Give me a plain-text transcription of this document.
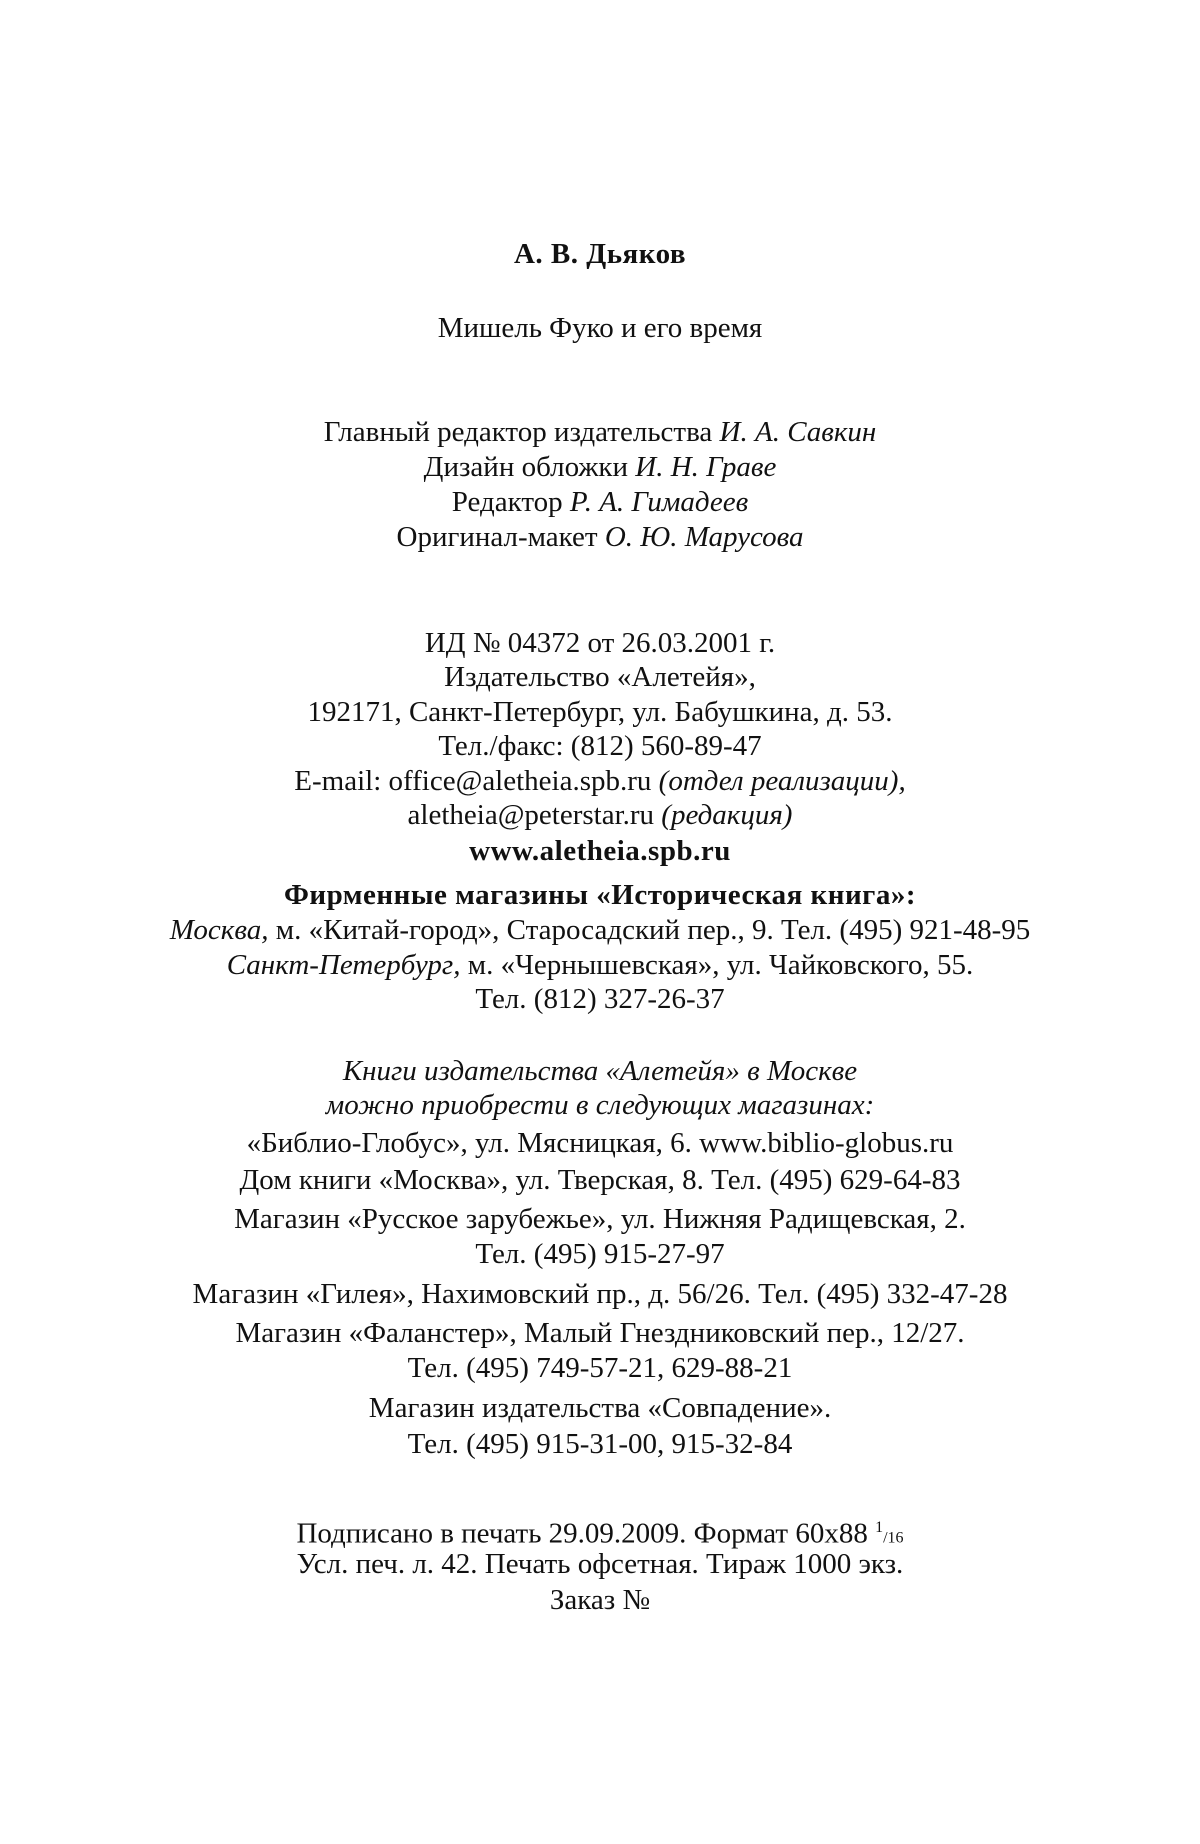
А. В. Дьяков
Мишель Фуко и его время
Главный редактор издательства И. А. Савкин
Дизайн обложки И. Н. Граве
Редактор Р. А. Гимадеев
Оригинал-макет О. Ю. Марусова
ИД № 04372 от 26.03.2001 г.
Издательство «Алетейя»,
192171, Санкт-Петербург, ул. Бабушкина, д. 53.
Тел./факс: (812) 560-89-47
E-mail: office@aletheia.spb.ru (отдел реализации),
aletheia@peterstar.ru (редакция)
www.aletheia.spb.ru
Фирменные магазины «Историческая книга»:
Москва, м. «Китай-город», Старосадский пер., 9. Тел. (495) 921-48-95
Санкт-Петербург, м. «Чернышевская», ул. Чайковского, 55.
Тел. (812) 327-26-37
Книги издательства «Алетейя» в Москве
можно приобрести в следующих магазинах:
«Библио-Глобус», ул. Мясницкая, 6. www.biblio-globus.ru
Дом книги «Москва», ул. Тверская, 8. Тел. (495) 629-64-83
Магазин «Русское зарубежье», ул. Нижняя Радищевская, 2.
Тел. (495) 915-27-97
Магазин «Гилея», Нахимовский пр., д. 56/26. Тел. (495) 332-47-28
Магазин «Фаланстер», Малый Гнездниковский пер., 12/27.
Тел. (495) 749-57-21, 629-88-21
Магазин издательства «Совпадение».
Тел. (495) 915-31-00, 915-32-84
Подписано в печать 29.09.2009. Формат 60x88 $^1$/16
Усл. печ. л. 42. Печать офсетная. Тираж 1000 экз.
Заказ №
